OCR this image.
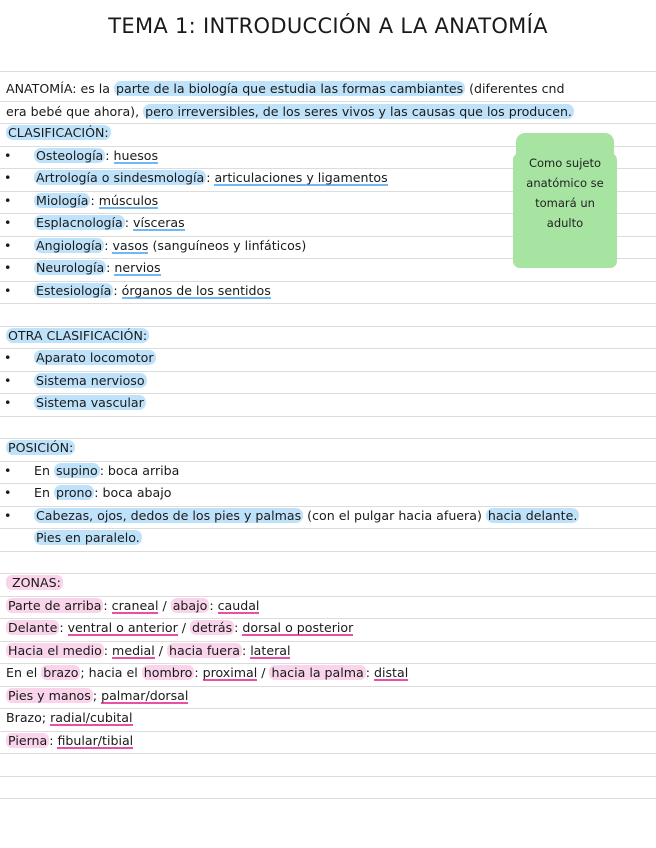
TEMA 1: INTRODUCCIÓN A LA ANATOMÍA
ANATOMÍA: es la parte de la biología que estudia las formas cambiantes (diferentes cnd
era bebé que ahora), pero irreversibles, de los seres vivos y las causas que los producen.
CLASIFICACIÓN:
• Osteología : huesos
• Artrología o sindesmología : articulaciones y ligamentos
• Miología : músculos
• Esplacnología : vísceras
• Angiología : vasos (sanguíneos y linfáticos)
• Neurología : nervios
• Estesiología : órganos de los sentidos
Como sujeto
anatómico se
tomará un
adulto
OTRA CLASIFICACIÓN:
• Aparato locomotor
• Sistema nervioso
• Sistema vascular
POSICIÓN:
• En supino : boca arriba
• En prono : boca abajo
• Cabezas, ojos, dedos de los pies y palmas (con el pulgar hacia afuera) hacia delante.
Pies en paralelo.
ZONAS:
Parte de arriba : craneal / abajo : caudal
Delante : ventral o anterior / detrás : dorsal o posterior
Hacia el medio : medial / hacia fuera : lateral
En el brazo ; hacia el hombro : proximal / hacia la palma : distal
Pies y manos ; palmar/dorsal
Brazo; radial/cubital
Pierna : fibular/tibial
